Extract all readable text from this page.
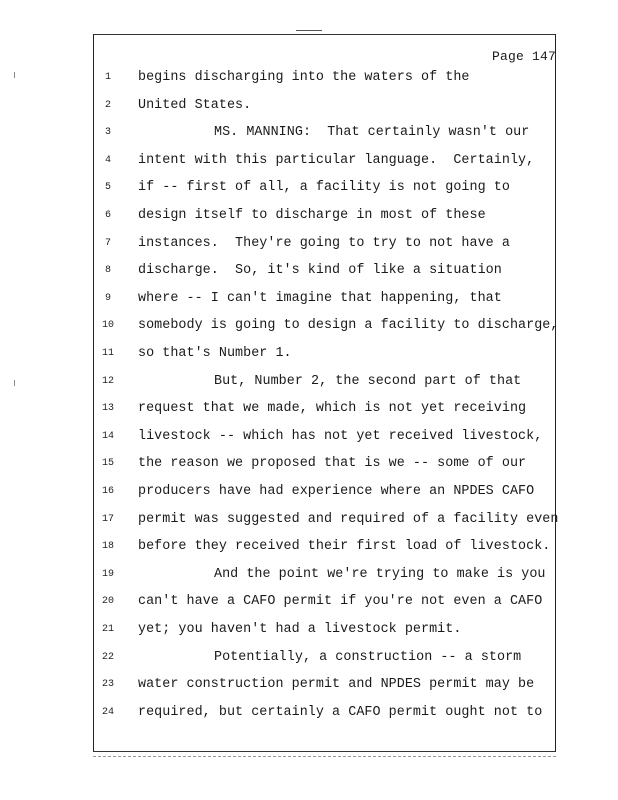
Page 147
1	begins discharging into the waters of the
2	United States.
3	MS. MANNING:  That certainly wasn't our
4	intent with this particular language.  Certainly,
5	if -- first of all, a facility is not going to
6	design itself to discharge in most of these
7	instances.  They're going to try to not have a
8	discharge.  So, it's kind of like a situation
9	where -- I can't imagine that happening, that
10	somebody is going to design a facility to discharge,
11	so that's Number 1.
12	But, Number 2, the second part of that
13	request that we made, which is not yet receiving
14	livestock -- which has not yet received livestock,
15	the reason we proposed that is we -- some of our
16	producers have had experience where an NPDES CAFO
17	permit was suggested and required of a facility even
18	before they received their first load of livestock.
19	And the point we're trying to make is you
20	can't have a CAFO permit if you're not even a CAFO
21	yet; you haven't had a livestock permit.
22	Potentially, a construction -- a storm
23	water construction permit and NPDES permit may be
24	required, but certainly a CAFO permit ought not to
